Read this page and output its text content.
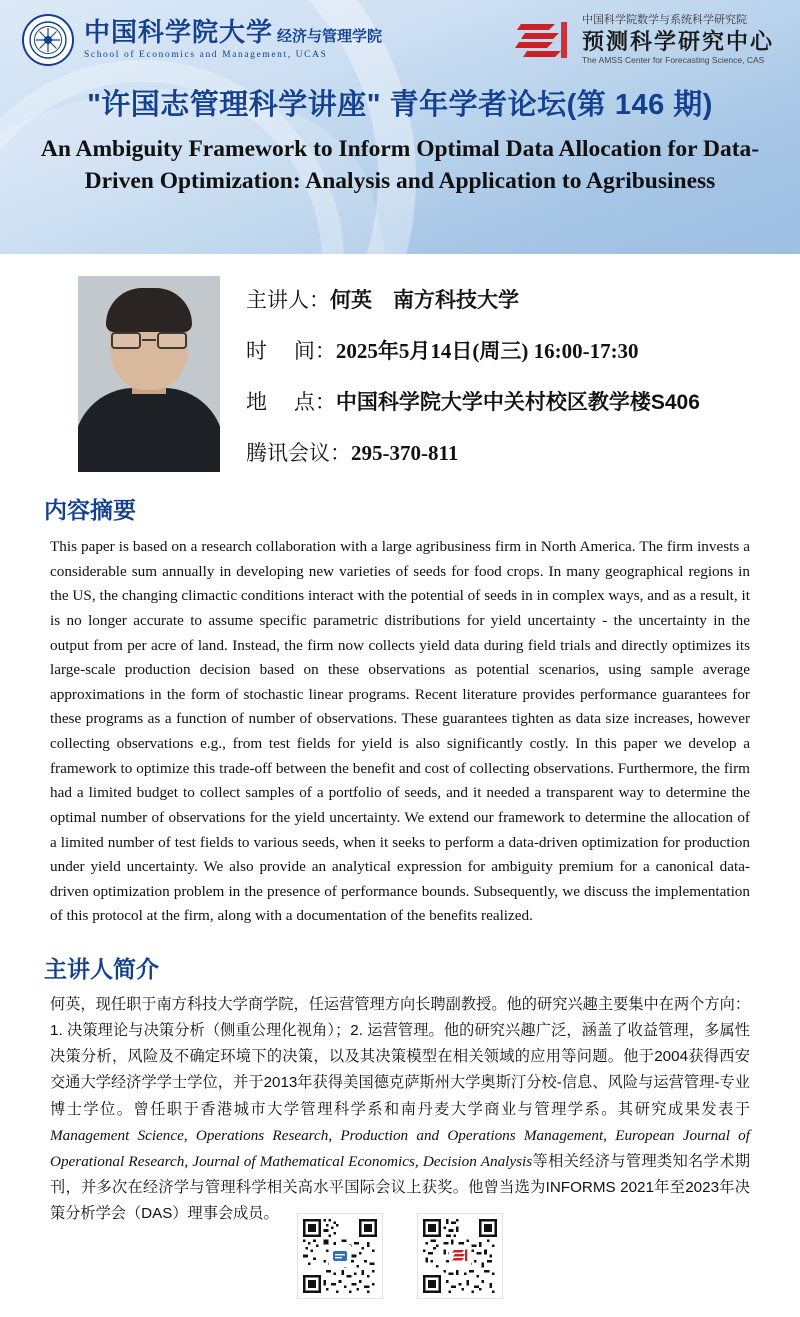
中国科学院大学 经济与管理学院
School of Economics and Management, UCAS
中国科学院数学与系统科学研究院
预测科学研究中心
The AMSS Center for Forecasting Science, CAS
"许国志管理科学讲座" 青年学者论坛(第 146 期)
An Ambiguity Framework to Inform Optimal Data Allocation for Data-Driven Optimization: Analysis and Application to Agribusiness
主讲人：何英　南方科技大学
时　 间：2025年5月14日(周三) 16:00-17:30
地　 点：中国科学院大学中关村校区教学楼S406
腾讯会议：295-370-811
内容摘要
This paper is based on a research collaboration with a large agribusiness firm in North America. The firm invests a considerable sum annually in developing new varieties of seeds for food crops. In many geographical regions in the US, the changing climactic conditions interact with the potential of seeds in in complex ways, and as a result, it is no longer accurate to assume specific parametric distributions for yield uncertainty - the uncertainty in the output from per acre of land. Instead, the firm now collects yield data during field trials and directly optimizes its large-scale production decision based on these observations as potential scenarios, using sample average approximations in the form of stochastic linear programs. Recent literature provides performance guarantees for these programs as a function of number of observations. These guarantees tighten as data size increases, however collecting observations e.g., from test fields for yield is also significantly costly. In this paper we develop a framework to optimize this trade-off between the benefit and cost of collecting observations. Furthermore, the firm had a limited budget to collect samples of a portfolio of seeds, and it needed a transparent way to determine the optimal number of observations for the yield uncertainty. We extend our framework to determine the allocation of a limited number of test fields to various seeds, when it seeks to perform a data-driven optimization for production under yield uncertainty. We also provide an analytical expression for ambiguity premium for a canonical data-driven optimization problem in the presence of performance bounds. Subsequently, we discuss the implementation of this protocol at the firm, along with a documentation of the benefits realized.
主讲人简介
何英，现任职于南方科技大学商学院，任运营管理方向长聘副教授。他的研究兴趣主要集中在两个方向：1. 决策理论与决策分析（侧重公理化视角）；2. 运营管理。他的研究兴趣广泛，涵盖了收益管理，多属性决策分析，风险及不确定环境下的决策，以及其决策模型在相关领域的应用等问题。他于2004获得西安交通大学经济学学士学位，并于2013年获得美国德克萨斯州大学奥斯汀分校-信息、风险与运营管理-专业博士学位。曾任职于香港城市大学管理科学系和南丹麦大学商业与管理学系。其研究成果发表于Management Science, Operations Research, Production and Operations Management, European Journal of Operational Research, Journal of Mathematical Economics, Decision Analysis等相关经济与管理类知名学术期刊，并多次在经济学与管理科学相关高水平国际会议上获奖。他曾当选为INFORMS 2021年至2023年决策分析学会（DAS）理事会成员。
